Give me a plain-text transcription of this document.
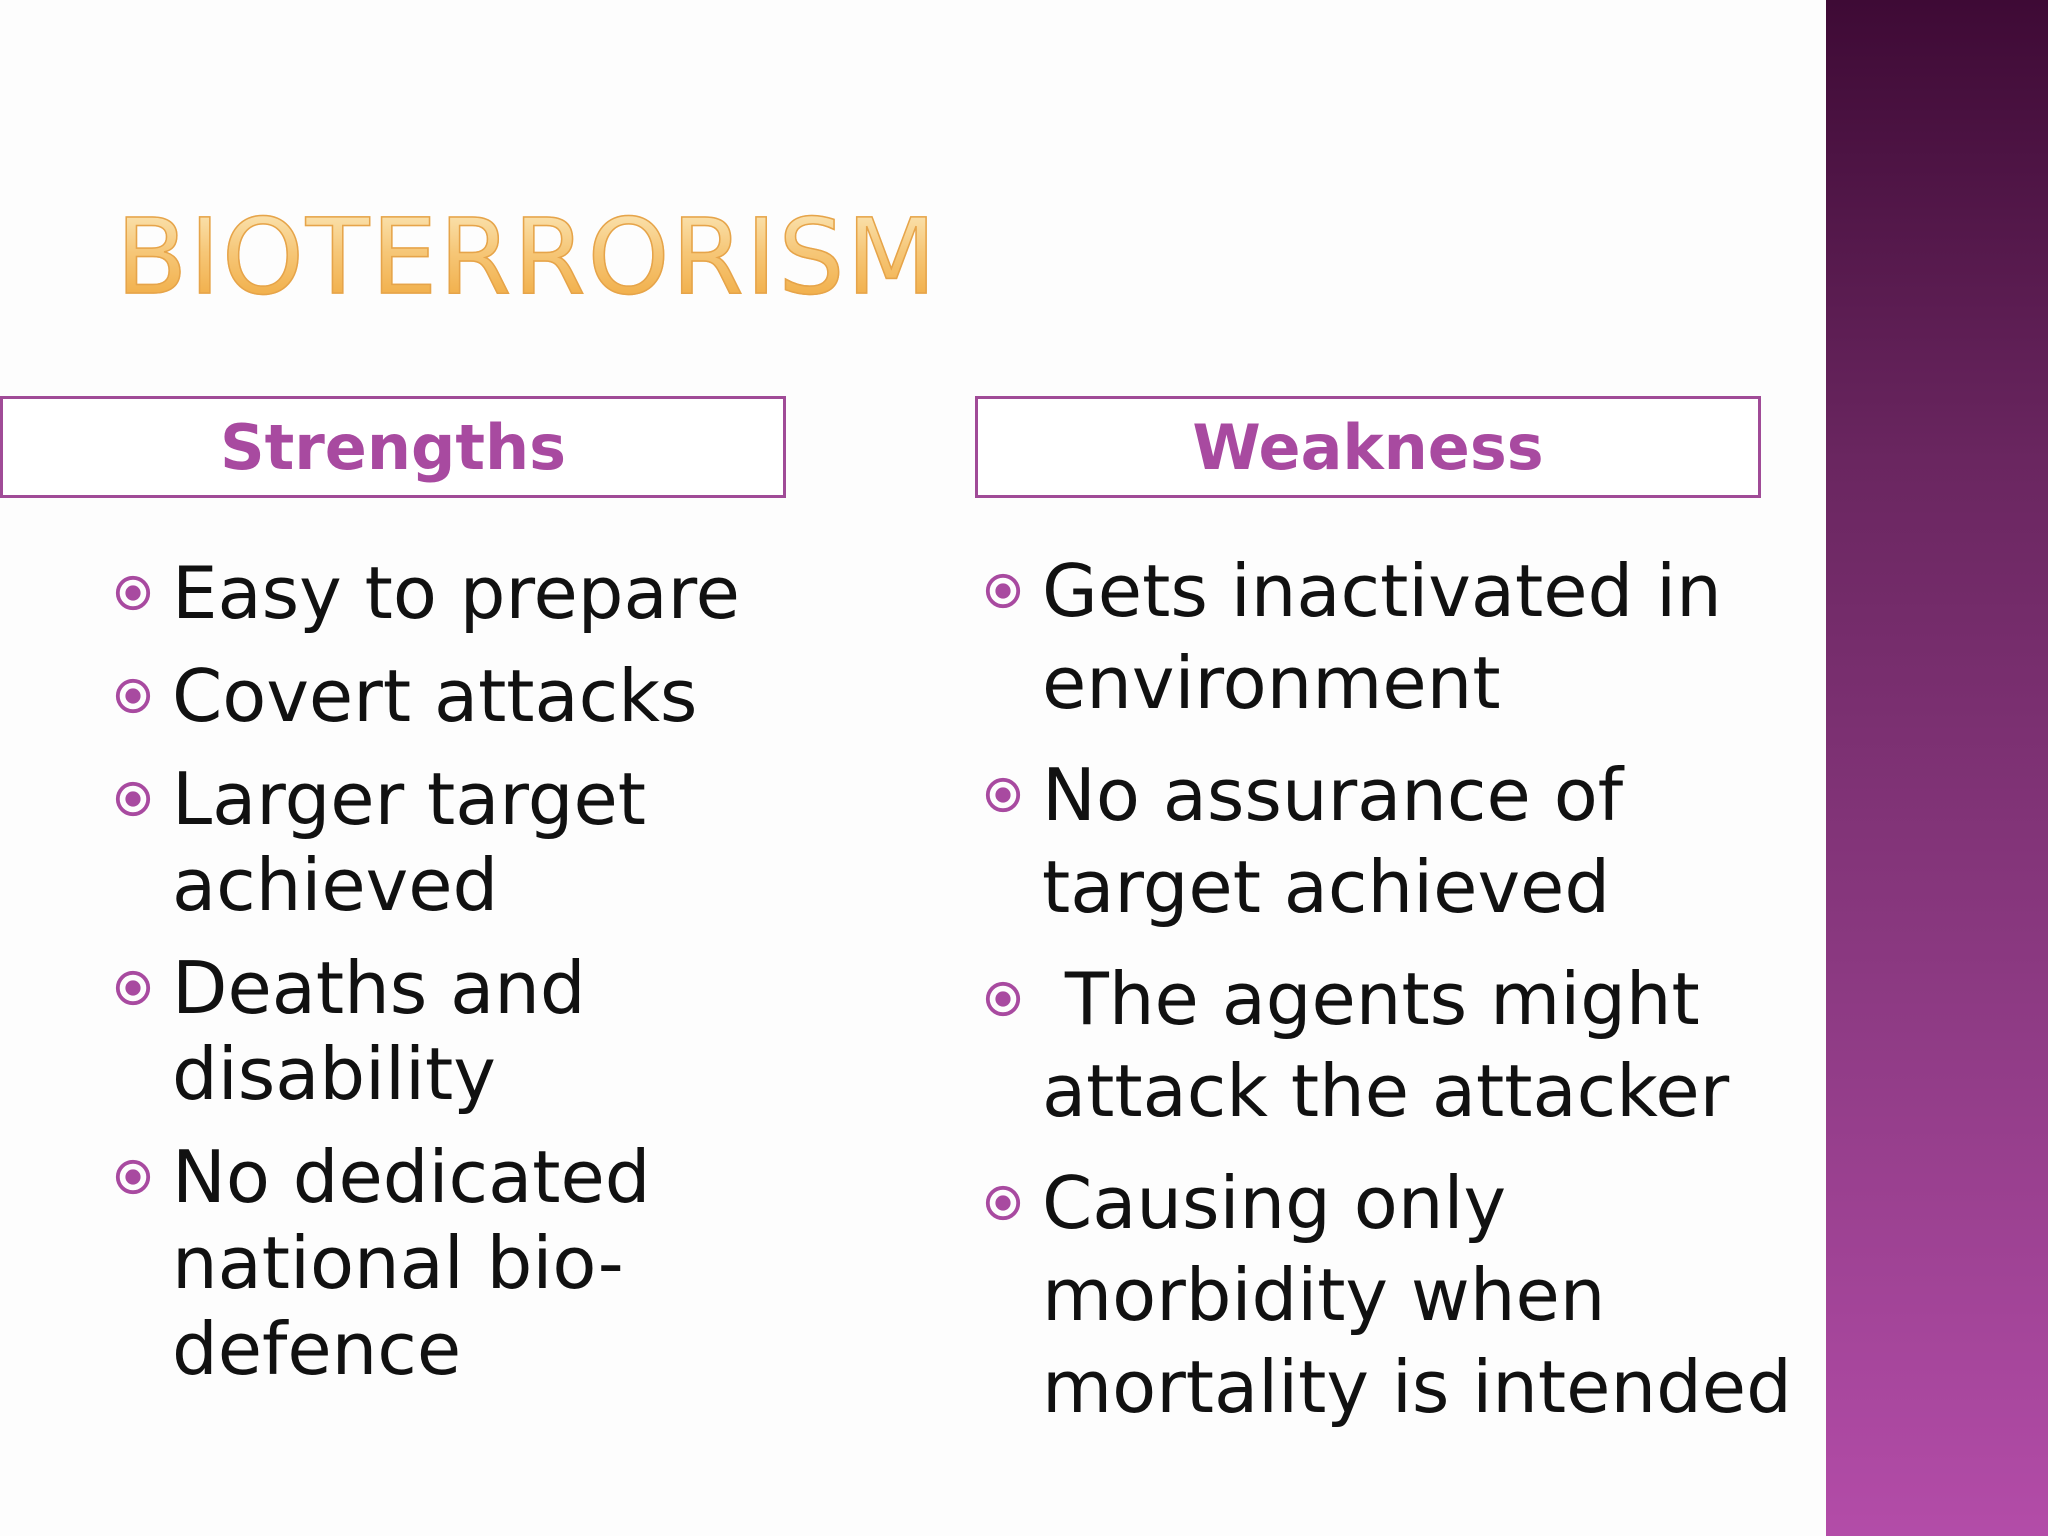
BIOTERRORISM
Strengths	Weakness
Easy to prepare
Covert attacks
Larger target achieved
Deaths and disability
No dedicated national bio-defence
Gets inactivated in environment
No assurance of target achieved
The agents might attack the attacker
Causing only morbidity when mortality is intended
